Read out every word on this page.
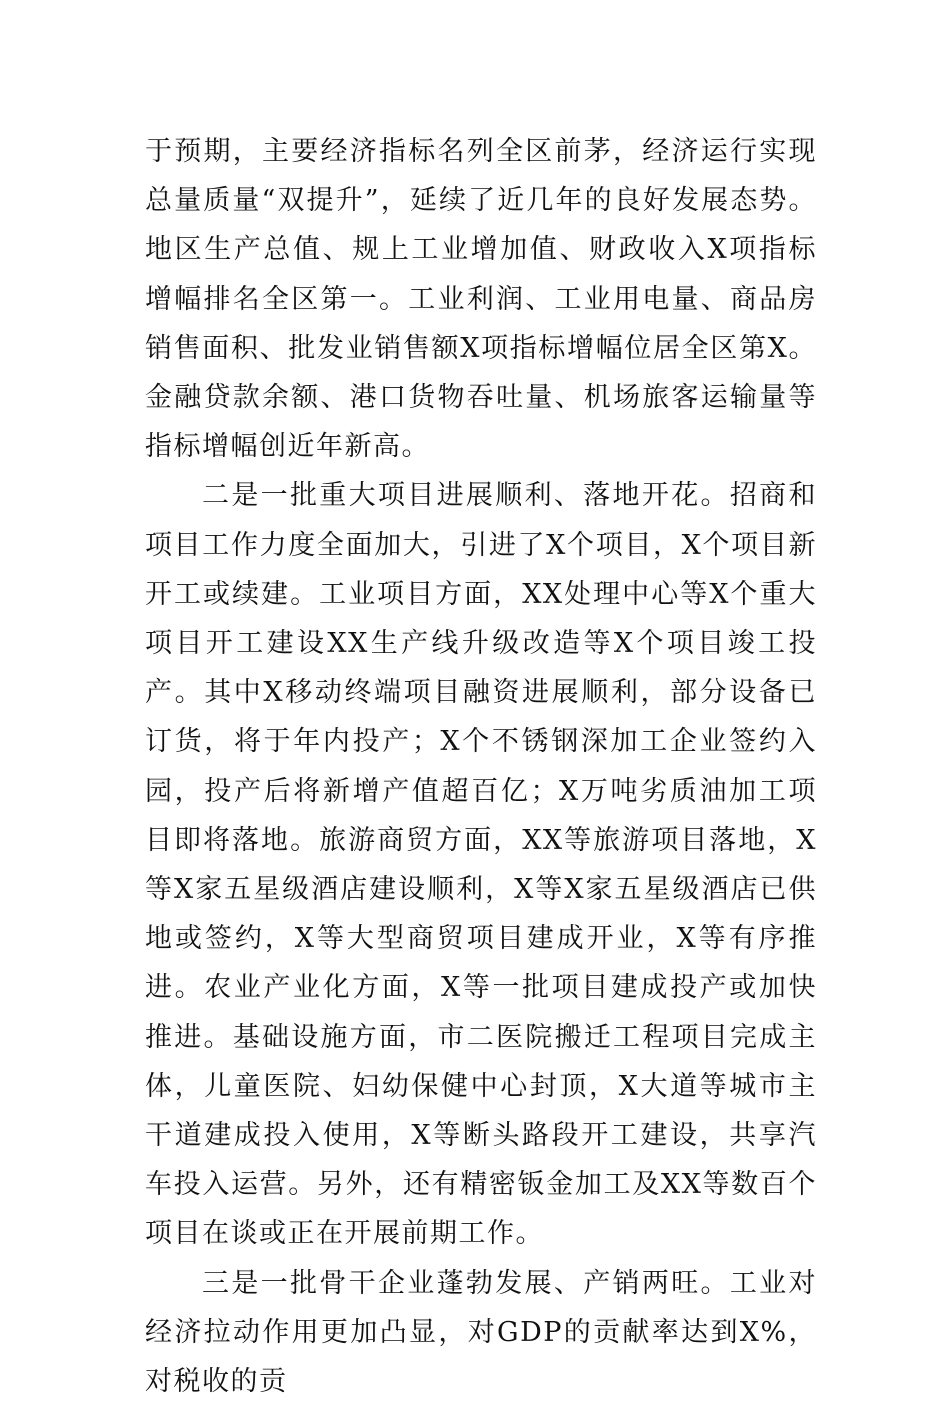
于预期，主要经济指标名列全区前茅，经济运行实现总量质量“双提升”，延续了近几年的良好发展态势。地区生产总值、规上工业增加值、财政收入X项指标增幅排名全区第一。工业利润、工业用电量、商品房销售面积、批发业销售额X项指标增幅位居全区第X。金融贷款余额、港口货物吞吐量、机场旅客运输量等指标增幅创近年新高。

二是一批重大项目进展顺利、落地开花。招商和项目工作力度全面加大，引进了X个项目，X个项目新开工或续建。工业项目方面，XX处理中心等X个重大项目开工建设XX生产线升级改造等X个项目竣工投产。其中X移动终端项目融资进展顺利，部分设备已订货，将于年内投产；X个不锈钢深加工企业签约入园，投产后将新增产值超百亿；X万吨劣质油加工项目即将落地。旅游商贸方面，XX等旅游项目落地，X等X家五星级酒店建设顺利，X等X家五星级酒店已供地或签约，X等大型商贸项目建成开业，X等有序推进。农业产业化方面，X等一批项目建成投产或加快推进。基础设施方面，市二医院搬迁工程项目完成主体，儿童医院、妇幼保健中心封顶，X大道等城市主干道建成投入使用，X等断头路段开工建设，共享汽车投入运营。另外，还有精密钣金加工及XX等数百个项目在谈或正在开展前期工作。

三是一批骨干企业蓬勃发展、产销两旺。工业对经济拉动作用更加凸显，对GDP的贡献率达到X%，对税收的贡
